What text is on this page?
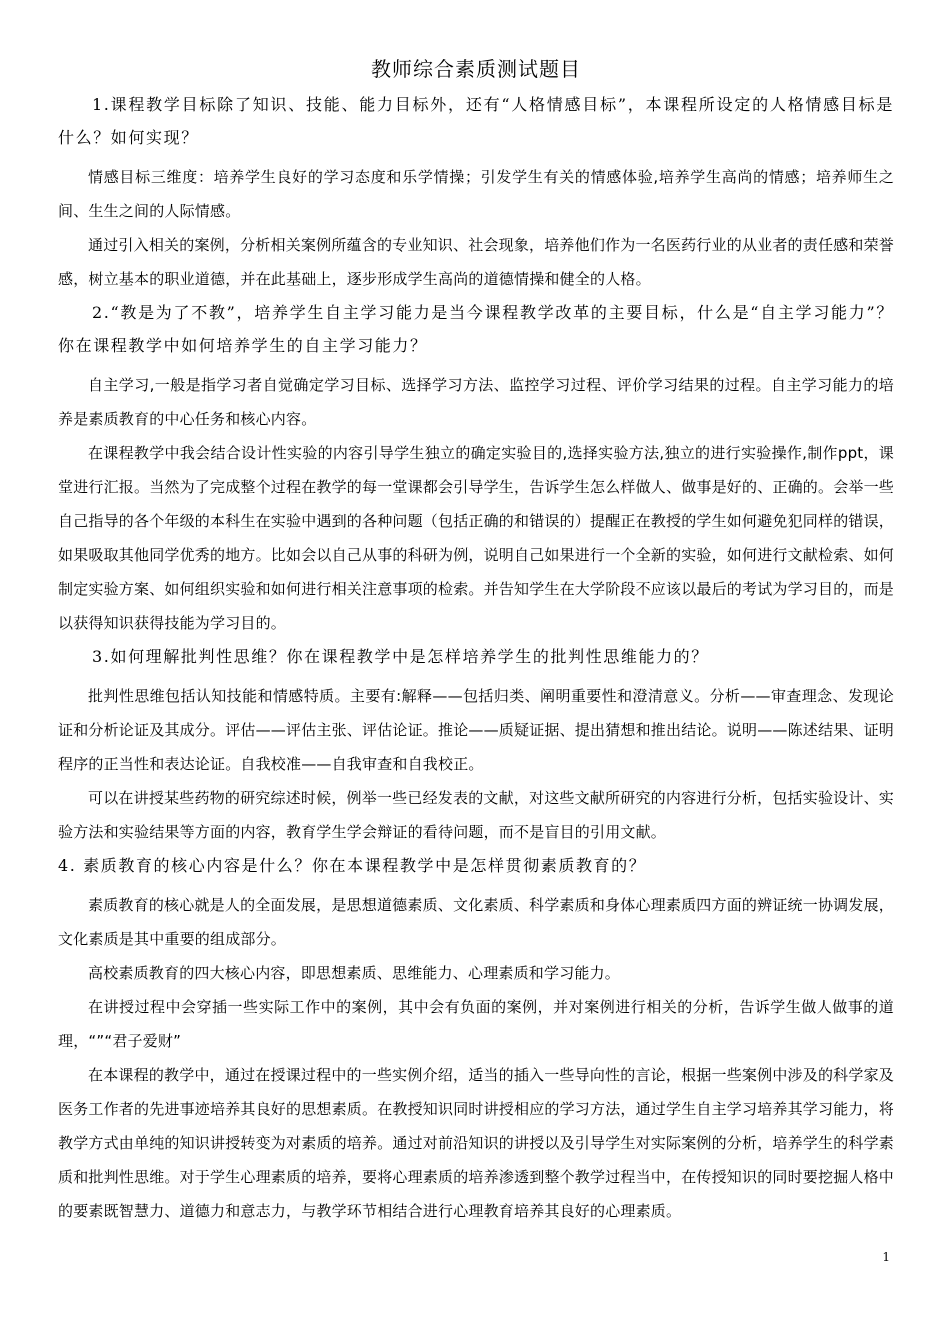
教师综合素质测试题目

1.课程教学目标除了知识、技能、能力目标外，还有“人格情感目标”，本课程所设定的人格情感目标是什么？如何实现？

情感目标三维度：培养学生良好的学习态度和乐学情操；引发学生有关的情感体验,培养学生高尚的情感；培养师生之间、生生之间的人际情感。

通过引入相关的案例，分析相关案例所蕴含的专业知识、社会现象，培养他们作为一名医药行业的从业者的责任感和荣誉感，树立基本的职业道德，并在此基础上，逐步形成学生高尚的道德情操和健全的人格。

2.“教是为了不教”，培养学生自主学习能力是当今课程教学改革的主要目标，什么是“自主学习能力”？你在课程教学中如何培养学生的自主学习能力？

自主学习,一般是指学习者自觉确定学习目标、选择学习方法、监控学习过程、评价学习结果的过程。自主学习能力的培养是素质教育的中心任务和核心内容。

在课程教学中我会结合设计性实验的内容引导学生独立的确定实验目的,选择实验方法,独立的进行实验操作,制作ppt，课堂进行汇报。当然为了完成整个过程在教学的每一堂课都会引导学生，告诉学生怎么样做人、做事是好的、正确的。会举一些自己指导的各个年级的本科生在实验中遇到的各种问题（包括正确的和错误的）提醒正在教授的学生如何避免犯同样的错误，如果吸取其他同学优秀的地方。比如会以自己从事的科研为例，说明自己如果进行一个全新的实验，如何进行文献检索、如何制定实验方案、如何组织实验和如何进行相关注意事项的检索。并告知学生在大学阶段不应该以最后的考试为学习目的，而是以获得知识获得技能为学习目的。

3.如何理解批判性思维？你在课程教学中是怎样培养学生的批判性思维能力的？

批判性思维包括认知技能和情感特质。主要有:解释——包括归类、阐明重要性和澄清意义。分析——审查理念、发现论证和分析论证及其成分。评估——评估主张、评估论证。推论——质疑证据、提出猜想和推出结论。说明——陈述结果、证明程序的正当性和表达论证。自我校准——自我审查和自我校正。

可以在讲授某些药物的研究综述时候，例举一些已经发表的文献，对这些文献所研究的内容进行分析，包括实验设计、实验方法和实验结果等方面的内容，教育学生学会辩证的看待问题，而不是盲目的引用文献。

4. 素质教育的核心内容是什么？你在本课程教学中是怎样贯彻素质教育的？

素质教育的核心就是人的全面发展，是思想道德素质、文化素质、科学素质和身体心理素质四方面的辨证统一协调发展，文化素质是其中重要的组成部分。

高校素质教育的四大核心内容，即思想素质、思维能力、心理素质和学习能力。

在讲授过程中会穿插一些实际工作中的案例，其中会有负面的案例，并对案例进行相关的分析，告诉学生做人做事的道理，“”“君子爱财”

在本课程的教学中，通过在授课过程中的一些实例介绍，适当的插入一些导向性的言论，根据一些案例中涉及的科学家及医务工作者的先进事迹培养其良好的思想素质。在教授知识同时讲授相应的学习方法，通过学生自主学习培养其学习能力，将教学方式由单纯的知识讲授转变为对素质的培养。通过对前沿知识的讲授以及引导学生对实际案例的分析，培养学生的科学素质和批判性思维。对于学生心理素质的培养，要将心理素质的培养渗透到整个教学过程当中，在传授知识的同时要挖掘人格中的要素既智慧力、道德力和意志力，与教学环节相结合进行心理教育培养其良好的心理素质。

1
